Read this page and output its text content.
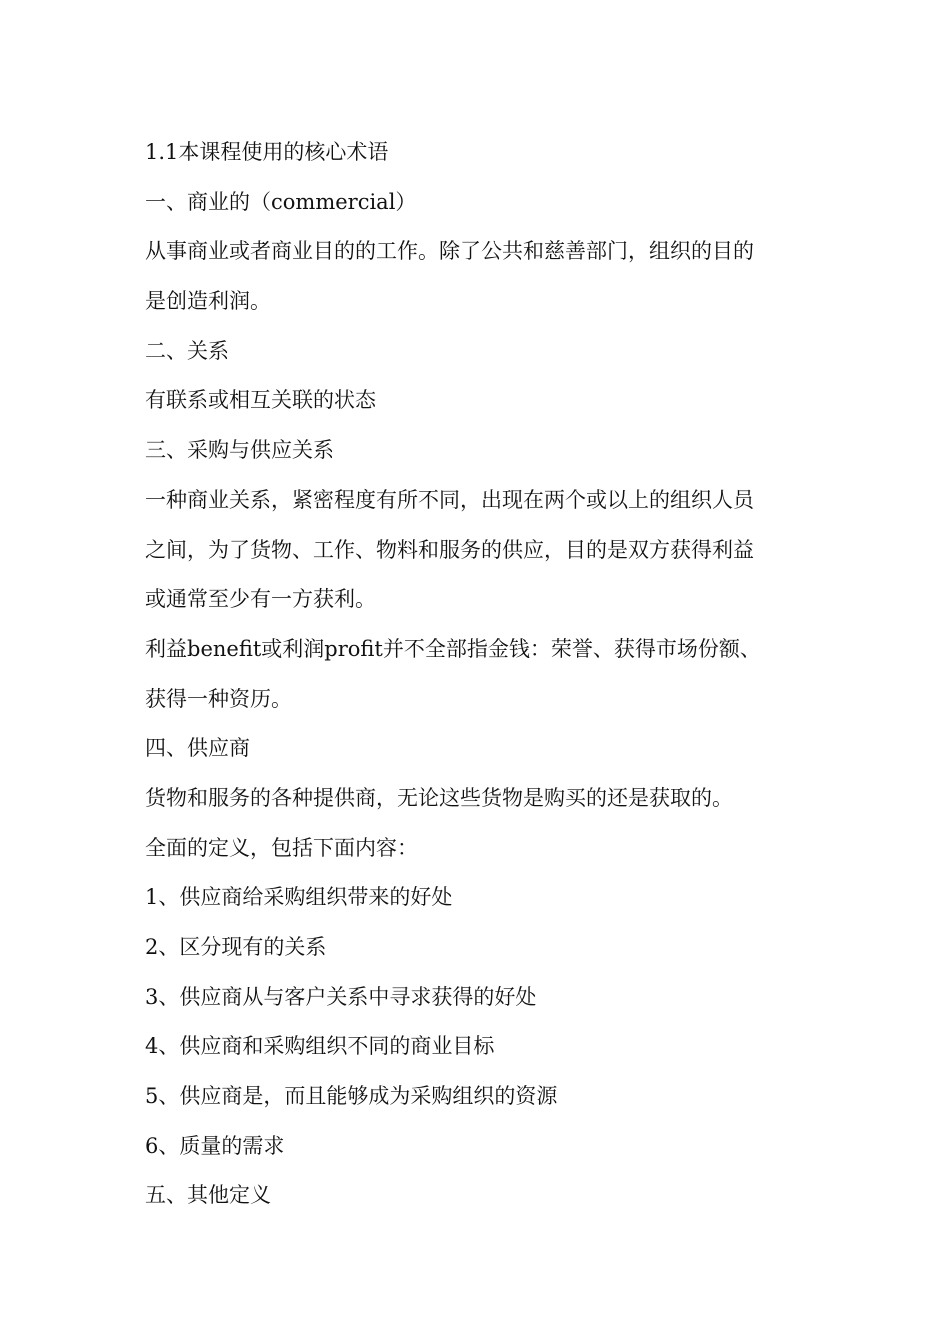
1.1本课程使用的核心术语

一、商业的（commercial）

从事商业或者商业目的的工作。除了公共和慈善部门，组织的目的

是创造利润。

二、关系

有联系或相互关联的状态

三、采购与供应关系

一种商业关系，紧密程度有所不同，出现在两个或以上的组织人员

之间，为了货物、工作、物料和服务的供应，目的是双方获得利益

或通常至少有一方获利。

利益benefit或利润profit并不全部指金钱：荣誉、获得市场份额、

获得一种资历。

四、供应商

货物和服务的各种提供商，无论这些货物是购买的还是获取的。

全面的定义，包括下面内容：

1、供应商给采购组织带来的好处

2、区分现有的关系

3、供应商从与客户关系中寻求获得的好处

4、供应商和采购组织不同的商业目标

5、供应商是，而且能够成为采购组织的资源

6、质量的需求

五、其他定义
